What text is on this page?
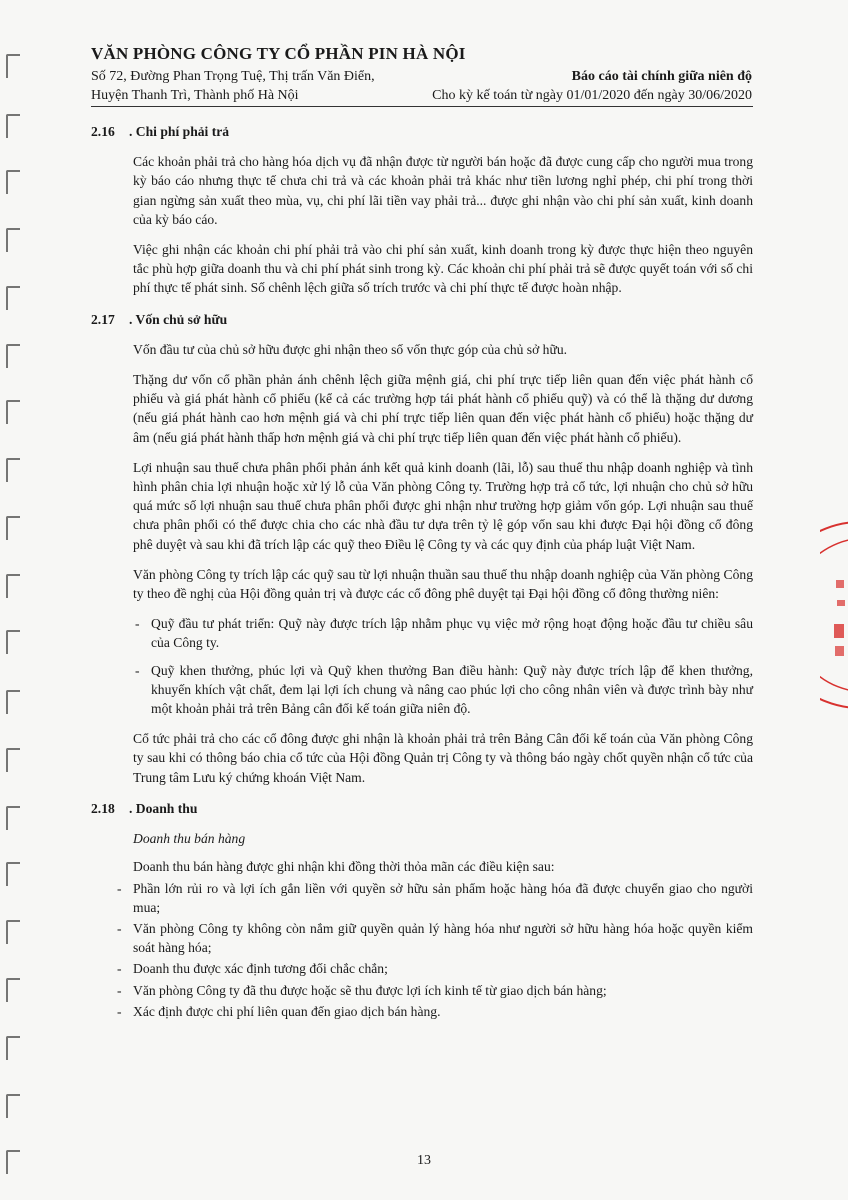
VĂN PHÒNG CÔNG TY CỔ PHẦN PIN HÀ NỘI
Số 72, Đường Phan Trọng Tuệ, Thị trấn Văn Điển,
Huyện Thanh Trì, Thành phố Hà Nội
Báo cáo tài chính giữa niên độ
Cho kỳ kế toán từ ngày 01/01/2020 đến ngày 30/06/2020
2.16 . Chi phí phải trả

Các khoản phải trả cho hàng hóa dịch vụ đã nhận được từ người bán hoặc đã được cung cấp cho người mua trong kỳ báo cáo nhưng thực tế chưa chi trả và các khoản phải trả khác như tiền lương nghỉ phép, chi phí trong thời gian ngừng sản xuất theo mùa, vụ, chi phí lãi tiền vay phải trả... được ghi nhận vào chi phí sản xuất, kinh doanh của kỳ báo cáo.

Việc ghi nhận các khoản chi phí phải trả vào chi phí sản xuất, kinh doanh trong kỳ được thực hiện theo nguyên tắc phù hợp giữa doanh thu và chi phí phát sinh trong kỳ. Các khoản chi phí phải trả sẽ được quyết toán với số chi phí thực tế phát sinh. Số chênh lệch giữa số trích trước và chi phí thực tế được hoàn nhập.

2.17 . Vốn chủ sở hữu

Vốn đầu tư của chủ sở hữu được ghi nhận theo số vốn thực góp của chủ sở hữu.

Thặng dư vốn cổ phần phản ánh chênh lệch giữa mệnh giá, chi phí trực tiếp liên quan đến việc phát hành cổ phiếu và giá phát hành cổ phiếu (kể cả các trường hợp tái phát hành cổ phiếu quỹ) và có thể là thặng dư dương (nếu giá phát hành cao hơn mệnh giá và chi phí trực tiếp liên quan đến việc phát hành cổ phiếu) hoặc thặng dư âm (nếu giá phát hành thấp hơn mệnh giá và chi phí trực tiếp liên quan đến việc phát hành cổ phiếu).

Lợi nhuận sau thuế chưa phân phối phản ánh kết quả kinh doanh (lãi, lỗ) sau thuế thu nhập doanh nghiệp và tình hình phân chia lợi nhuận hoặc xử lý lỗ của Văn phòng Công ty. Trường hợp trả cổ tức, lợi nhuận cho chủ sở hữu quá mức số lợi nhuận sau thuế chưa phân phối được ghi nhận như trường hợp giảm vốn góp. Lợi nhuận sau thuế chưa phân phối có thể được chia cho các nhà đầu tư dựa trên tỷ lệ góp vốn sau khi được Đại hội đồng cổ đông phê duyệt và sau khi đã trích lập các quỹ theo Điều lệ Công ty và các quy định của pháp luật Việt Nam.

Văn phòng Công ty trích lập các quỹ sau từ lợi nhuận thuần sau thuế thu nhập doanh nghiệp của Văn phòng Công ty theo đề nghị của Hội đồng quản trị và được các cổ đông phê duyệt tại Đại hội đồng cổ đông thường niên:

- Quỹ đầu tư phát triển: Quỹ này được trích lập nhằm phục vụ việc mở rộng hoạt động hoặc đầu tư chiều sâu của Công ty.
- Quỹ khen thưởng, phúc lợi và Quỹ khen thưởng Ban điều hành: Quỹ này được trích lập để khen thưởng, khuyến khích vật chất, đem lại lợi ích chung và nâng cao phúc lợi cho công nhân viên và được trình bày như một khoản phải trả trên Bảng cân đối kế toán giữa niên độ.

Cổ tức phải trả cho các cổ đông được ghi nhận là khoản phải trả trên Bảng Cân đối kế toán của Văn phòng Công ty sau khi có thông báo chia cổ tức của Hội đồng Quản trị Công ty và thông báo ngày chốt quyền nhận cổ tức của Trung tâm Lưu ký chứng khoán Việt Nam.

2.18 . Doanh thu
Doanh thu bán hàng

Doanh thu bán hàng được ghi nhận khi đồng thời thỏa mãn các điều kiện sau:

- Phần lớn rủi ro và lợi ích gắn liền với quyền sở hữu sản phẩm hoặc hàng hóa đã được chuyển giao cho người mua;
- Văn phòng Công ty không còn nắm giữ quyền quản lý hàng hóa như người sở hữu hàng hóa hoặc quyền kiểm soát hàng hóa;
- Doanh thu được xác định tương đối chắc chắn;
- Văn phòng Công ty đã thu được hoặc sẽ thu được lợi ích kinh tế từ giao dịch bán hàng;
- Xác định được chi phí liên quan đến giao dịch bán hàng.
13
